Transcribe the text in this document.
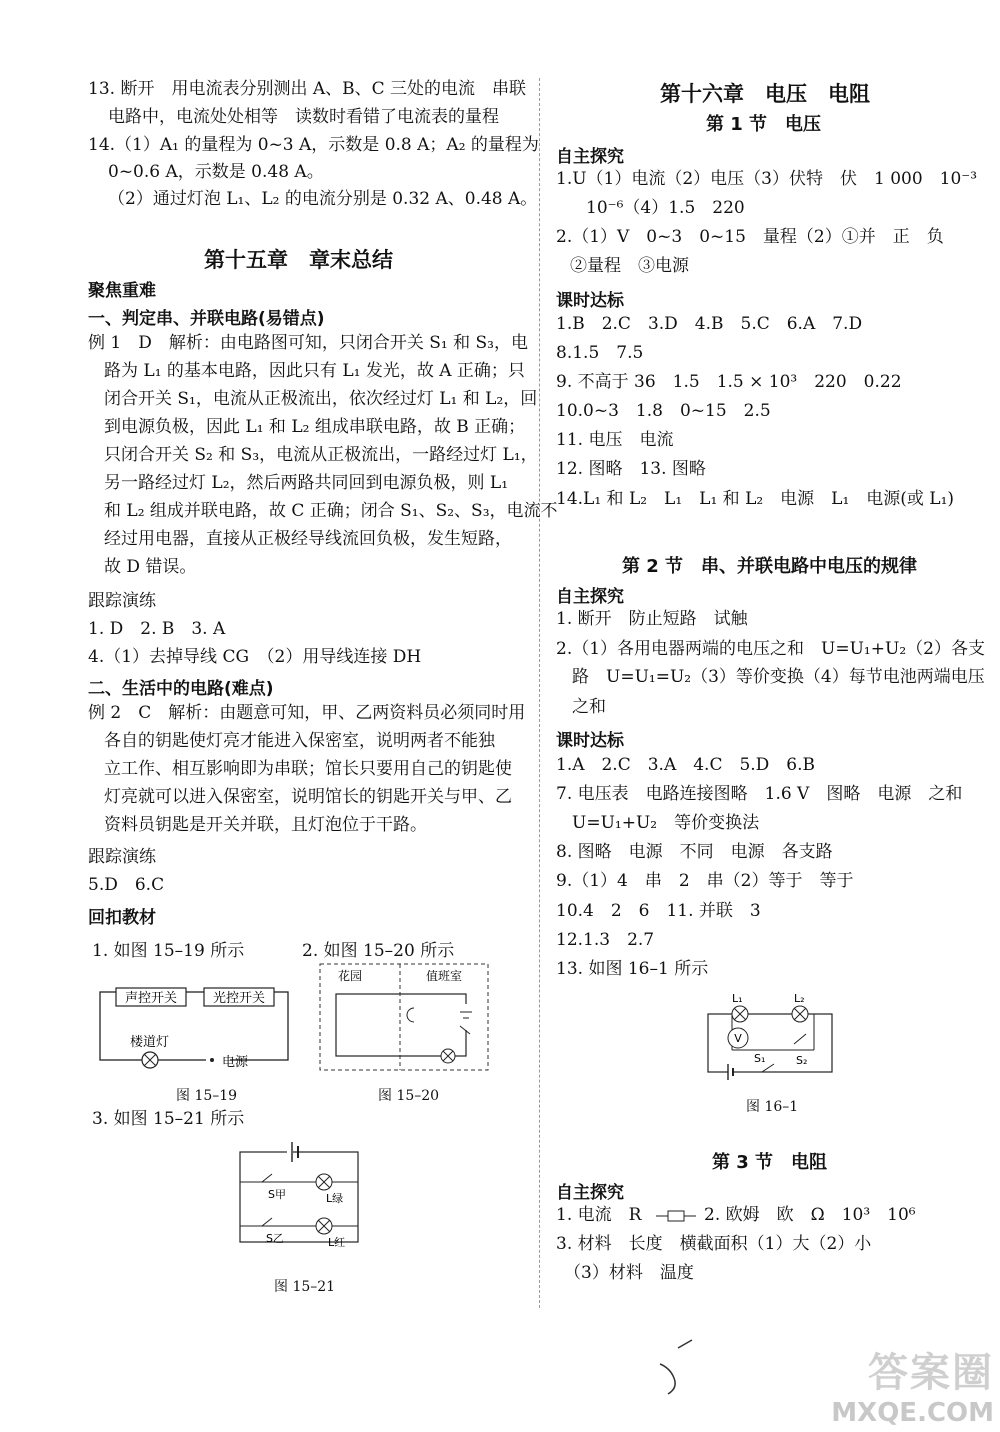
13. 断开　用电流表分别测出 A、B、C 三处的电流　串联
电路中，电流处处相等　读数时看错了电流表的量程
14.（1）A₁ 的量程为 0~3 A，示数是 0.8 A；A₂ 的量程为
0~0.6 A，示数是 0.48 A。
（2）通过灯泡 L₁、L₂ 的电流分别是 0.32 A、0.48 A。
第十五章　章末总结
聚焦重难
一、判定串、并联电路(易错点)
例 1　D　解析：由电路图可知，只闭合开关 S₁ 和 S₃，电
路为 L₁ 的基本电路，因此只有 L₁ 发光，故 A 正确；只
闭合开关 S₁，电流从正极流出，依次经过灯 L₁ 和 L₂，回
到电源负极，因此 L₁ 和 L₂ 组成串联电路，故 B 正确；
只闭合开关 S₂ 和 S₃，电流从正极流出，一路经过灯 L₁，
另一路经过灯 L₂，然后两路共同回到电源负极，则 L₁
和 L₂ 组成并联电路，故 C 正确；闭合 S₁、S₂、S₃，电流不
经过用电器，直接从正极经导线流回负极，发生短路，
故 D 错误。
跟踪演练
1. D　2. B　3. A
4.（1）去掉导线 CG　（2）用导线连接 DH
二、生活中的电路(难点)
例 2　C　解析：由题意可知，甲、乙两资料员必须同时用
各自的钥匙使灯亮才能进入保密室，说明两者不能独
立工作、相互影响即为串联；馆长只要用自己的钥匙使
灯亮就可以进入保密室，说明馆长的钥匙开关与甲、乙
资料员钥匙是开关并联，且灯泡位于干路。
跟踪演练
5.D　6.C
回扣教材
1. 如图 15–19 所示	2. 如图 15–20 所示
声控开关	光控开关
楼道灯
电源
图 15–19
花园	值班室
图 15–20
3. 如图 15–21 所示
S甲
S乙
L绿
L红
图 15–21
第十六章　电压　电阻
第 1 节　电压
自主探究
1.U（1）电流（2）电压（3）伏特　伏　1 000　10⁻³
10⁻⁶（4）1.5　220
2.（1）V　0~3　0~15　量程（2）①并　正　负
②量程　③电源
课时达标
1.B　2.C　3.D　4.B　5.C　6.A　7.D
8.1.5　7.5
9. 不高于 36　1.5　1.5 × 10³　220　0.22
10.0~3　1.8　0~15　2.5
11. 电压　电流
12. 图略　13. 图略
14.L₁ 和 L₂　L₁　L₁ 和 L₂　电源　L₁　电源(或 L₁)
第 2 节　串、并联电路中电压的规律
自主探究
1. 断开　防止短路　试触
2.（1）各用电器两端的电压之和　U=U₁+U₂（2）各支
路　U=U₁=U₂（3）等价变换（4）每节电池两端电压
之和
课时达标
1.A　2.C　3.A　4.C　5.D　6.B
7. 电压表　电路连接图略　1.6 V　图略　电源　之和
U=U₁+U₂　等价变换法
8. 图略　电源　不同　电源　各支路
9.（1）4　串　2　串（2）等于　等于
10.4　2　6　11. 并联　3
12.1.3　2.7
13. 如图 16–1 所示
V
L₁	L₂
S₁	S₂
图 16–1
第 3 节　电阻
自主探究
1. 电流　R	2. 欧姆　欧　Ω　10³　10⁶
3. 材料　长度　横截面积（1）大（2）小
（3）材料　温度
答案圈
MXQE.COM
